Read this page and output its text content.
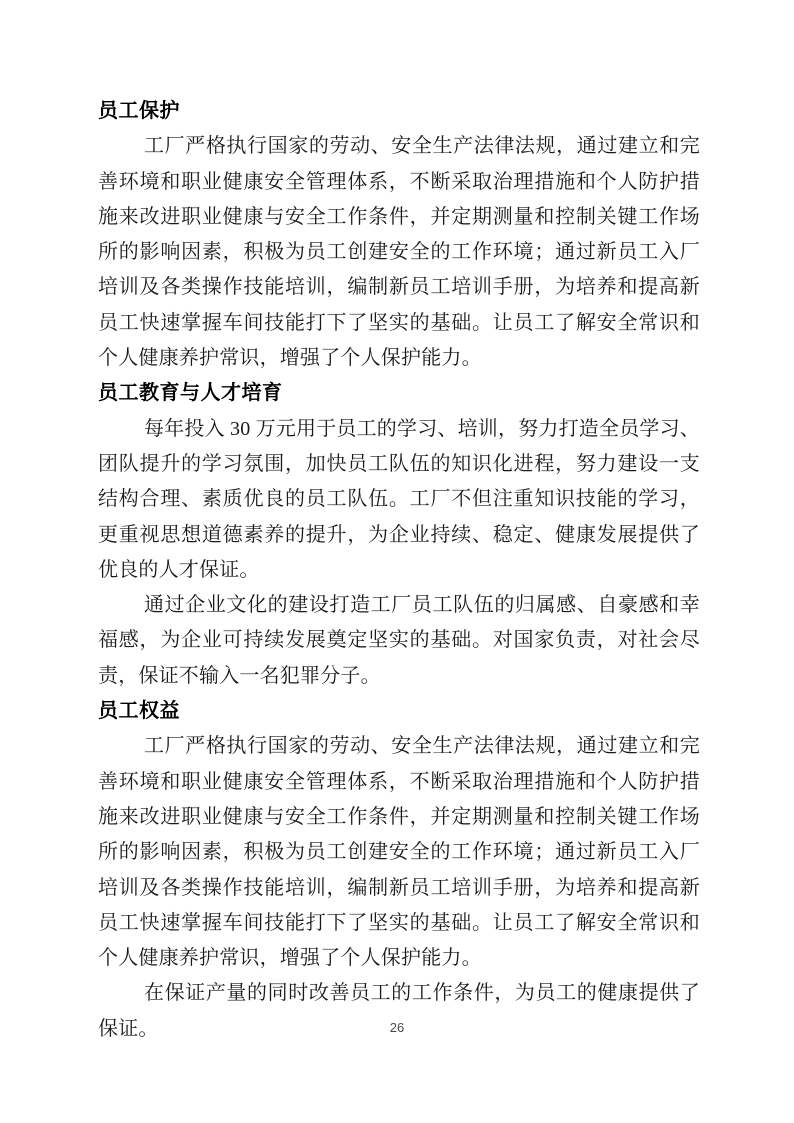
员工保护

工厂严格执行国家的劳动、安全生产法律法规，通过建立和完善环境和职业健康安全管理体系，不断采取治理措施和个人防护措施来改进职业健康与安全工作条件，并定期测量和控制关键工作场所的影响因素，积极为员工创建安全的工作环境；通过新员工入厂培训及各类操作技能培训，编制新员工培训手册，为培养和提高新员工快速掌握车间技能打下了坚实的基础。让员工了解安全常识和个人健康养护常识，增强了个人保护能力。

员工教育与人才培育

每年投入 30 万元用于员工的学习、培训，努力打造全员学习、团队提升的学习氛围，加快员工队伍的知识化进程，努力建设一支结构合理、素质优良的员工队伍。工厂不但注重知识技能的学习，更重视思想道德素养的提升，为企业持续、稳定、健康发展提供了优良的人才保证。

通过企业文化的建设打造工厂员工队伍的归属感、自豪感和幸福感，为企业可持续发展奠定坚实的基础。对国家负责，对社会尽责，保证不输入一名犯罪分子。

员工权益

工厂严格执行国家的劳动、安全生产法律法规，通过建立和完善环境和职业健康安全管理体系，不断采取治理措施和个人防护措施来改进职业健康与安全工作条件，并定期测量和控制关键工作场所的影响因素，积极为员工创建安全的工作环境；通过新员工入厂培训及各类操作技能培训，编制新员工培训手册，为培养和提高新员工快速掌握车间技能打下了坚实的基础。让员工了解安全常识和个人健康养护常识，增强了个人保护能力。

在保证产量的同时改善员工的工作条件，为员工的健康提供了保证。	26
